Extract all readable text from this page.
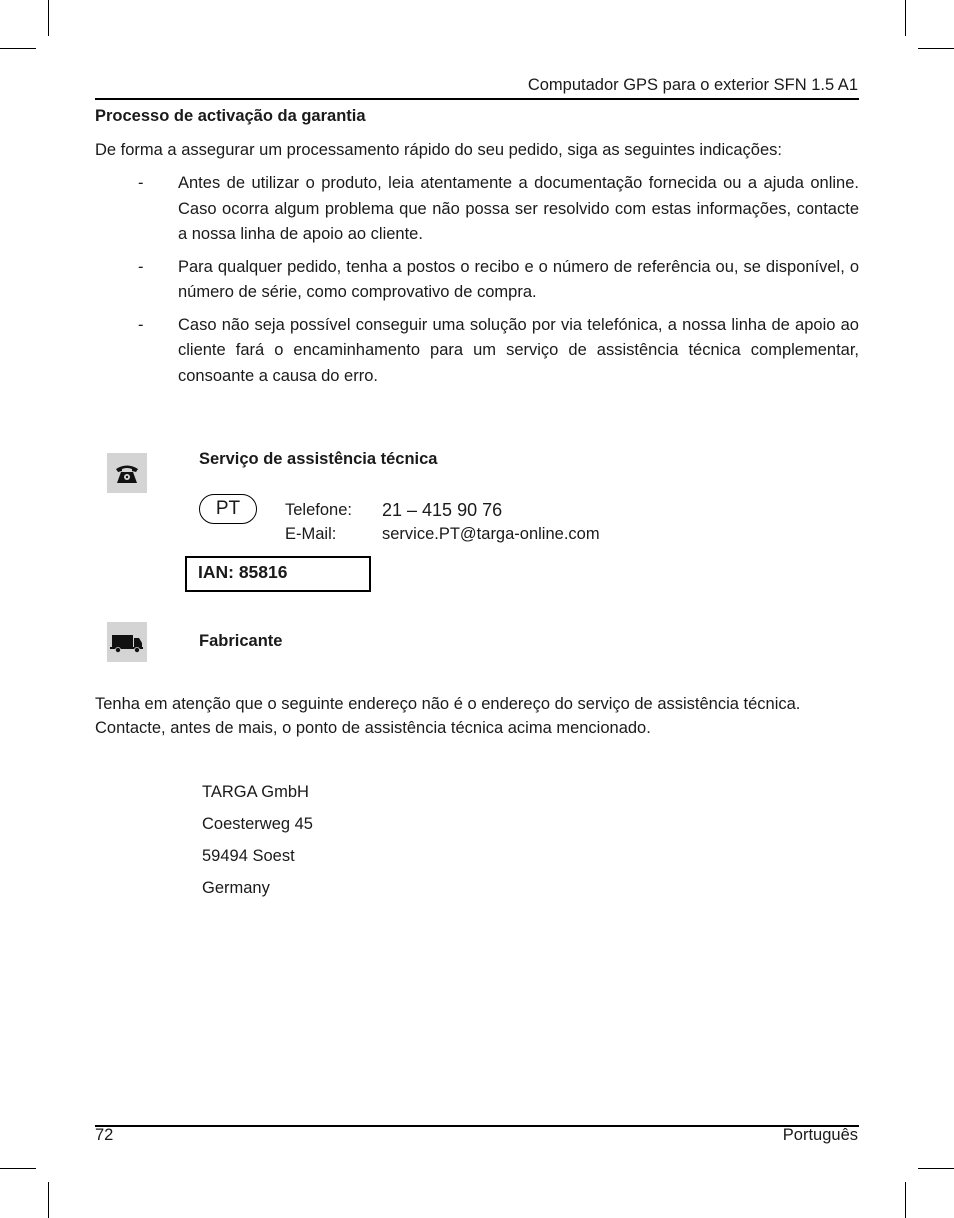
Computador GPS para o exterior SFN 1.5 A1
Processo de activação da garantia
De forma a assegurar um processamento rápido do seu pedido, siga as seguintes indicações:
- Antes de utilizar o produto, leia atentamente a documentação fornecida ou a ajuda online. Caso ocorra algum problema que não possa ser resolvido com estas informações, contacte a nossa linha de apoio ao cliente.
- Para qualquer pedido, tenha a postos o recibo e o número de referência ou, se disponível, o número de série, como comprovativo de compra.
- Caso não seja possível conseguir uma solução por via telefónica, a nossa linha de apoio ao cliente fará o encaminhamento para um serviço de assistência técnica complementar, consoante a causa do erro.
Serviço de assistência técnica
PT	Telefone: 21 – 415 90 76
E-Mail:	service.PT@targa-online.com
IAN: 85816
Fabricante
Tenha em atenção que o seguinte endereço não é o endereço do serviço de assistência técnica.
Contacte, antes de mais, o ponto de assistência técnica acima mencionado.
TARGA GmbH
Coesterweg 45
59494 Soest
Germany
72	Português
